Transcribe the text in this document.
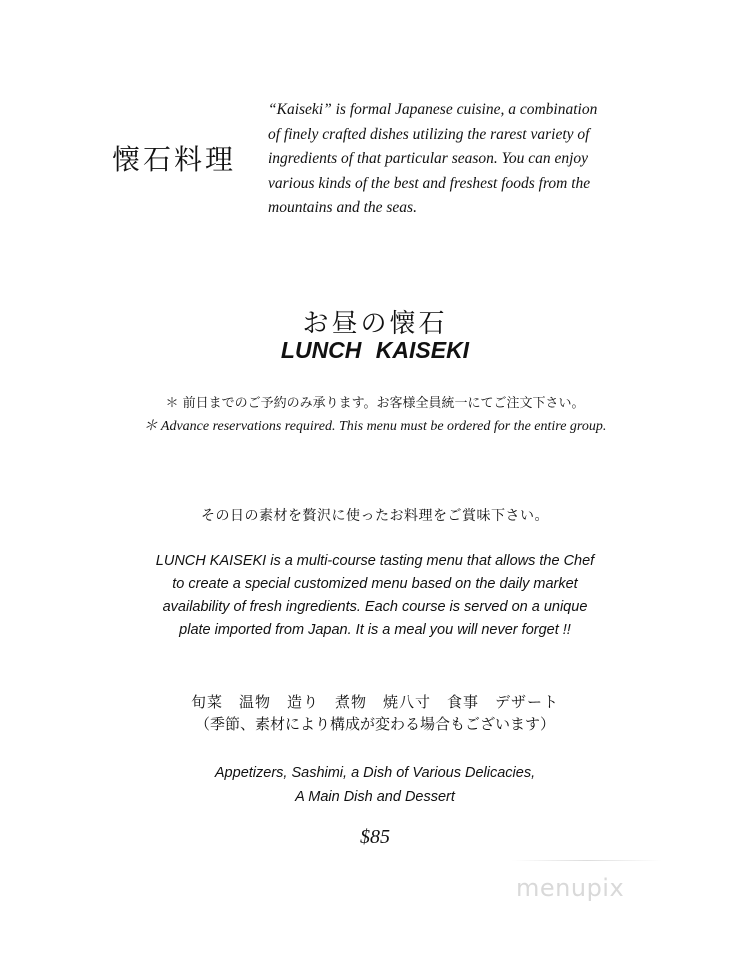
懐石料理
“Kaiseki” is formal Japanese cuisine, a combination
of finely crafted dishes utilizing the rarest variety of
ingredients of that particular season. You can enjoy
various kinds of the best and freshest foods from the
mountains and the seas.
お昼の懐石
LUNCH KAISEKI
＊ 前日までのご予約のみ承ります。お客様全員統一にてご注文下さい。
＊ Advance reservations required. This menu must be ordered for the entire group.
その日の素材を贅沢に使ったお料理をご賞味下さい。
LUNCH KAISEKI is a multi-course tasting menu that allows the Chef
to create a special customized menu based on the daily market
availability of fresh ingredients. Each course is served on a unique
plate imported from Japan. It is a meal you will never forget !!
旬菜　温物　造り　煮物　焼八寸　食事　デザート
（季節、素材により構成が変わる場合もございます）
Appetizers, Sashimi, a Dish of Various Delicacies,
A Main Dish and Dessert
$85
menupix
